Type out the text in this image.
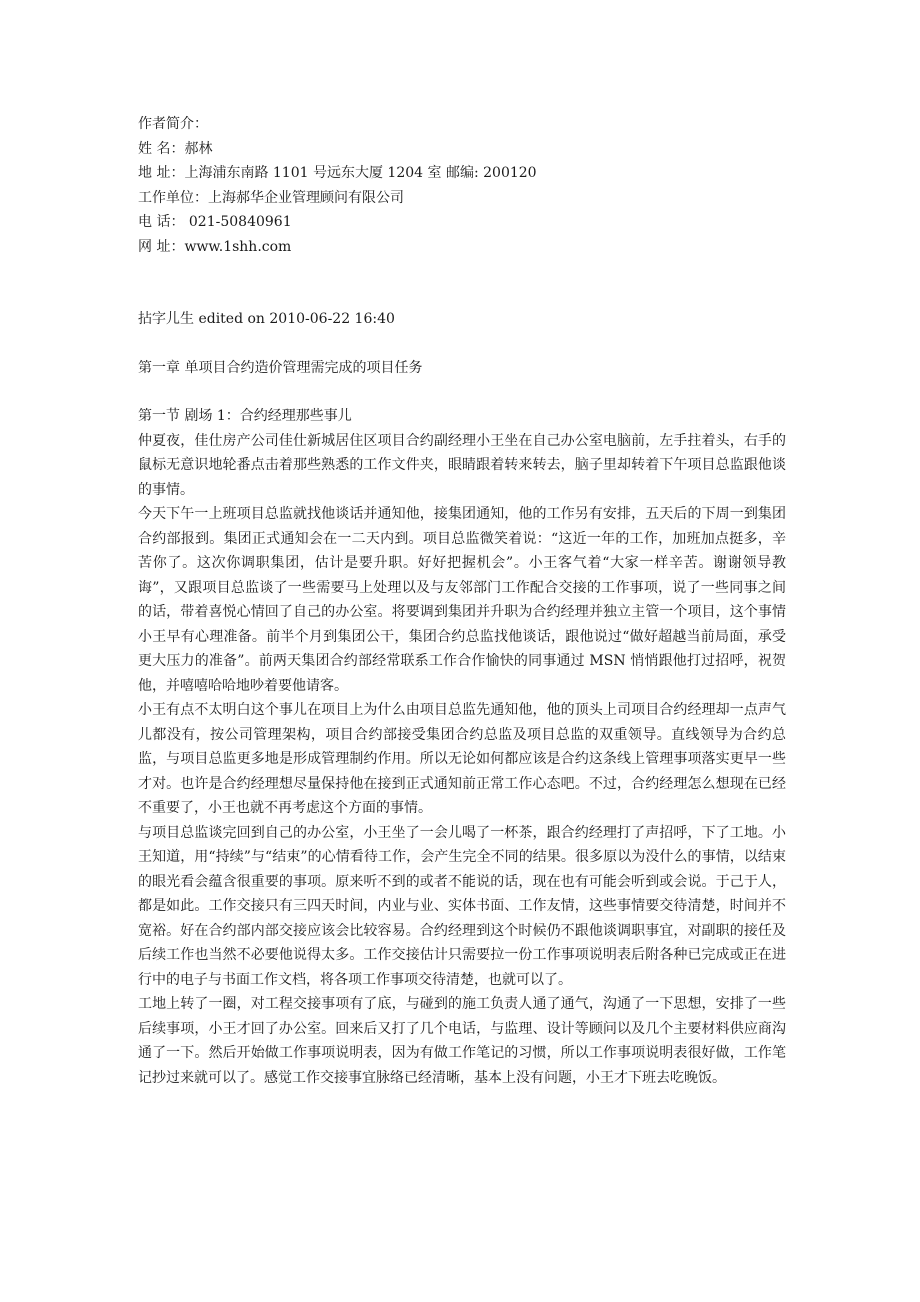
作者简介：

姓 名：郝林

地 址：上海浦东南路 1101 号远东大厦 1204 室 邮编: 200120

工作单位：上海郝华企业管理顾问有限公司

电 话： 021-50840961

网 址：www.1shh.com

拈字儿生 edited on 2010-06-22 16:40

第一章 单项目合约造价管理需完成的项目任务

第一节 剧场 1：合约经理那些事儿

仲夏夜，佳仕房产公司佳仕新城居住区项目合约副经理小王坐在自己办公室电脑前，左手拄着头，右手的鼠标无意识地轮番点击着那些熟悉的工作文件夹，眼睛跟着转来转去，脑子里却转着下午项目总监跟他谈的事情。

今天下午一上班项目总监就找他谈话并通知他，接集团通知，他的工作另有安排，五天后的下周一到集团合约部报到。集团正式通知会在一二天内到。项目总监微笑着说：“这近一年的工作，加班加点挺多，辛苦你了。这次你调职集团，估计是要升职。好好把握机会”。小王客气着“大家一样辛苦。谢谢领导教诲”，又跟项目总监谈了一些需要马上处理以及与友邻部门工作配合交接的工作事项，说了一些同事之间的话，带着喜悦心情回了自己的办公室。将要调到集团并升职为合约经理并独立主管一个项目，这个事情小王早有心理准备。前半个月到集团公干，集团合约总监找他谈话，跟他说过“做好超越当前局面，承受更大压力的准备”。前两天集团合约部经常联系工作合作愉快的同事通过 MSN 悄悄跟他打过招呼，祝贺他，并嘻嘻哈哈地吵着要他请客。

小王有点不太明白这个事儿在项目上为什么由项目总监先通知他，他的顶头上司项目合约经理却一点声气儿都没有，按公司管理架构，项目合约部接受集团合约总监及项目总监的双重领导。直线领导为合约总监，与项目总监更多地是形成管理制约作用。所以无论如何都应该是合约这条线上管理事项落实更早一些才对。也许是合约经理想尽量保持他在接到正式通知前正常工作心态吧。不过，合约经理怎么想现在已经不重要了，小王也就不再考虑这个方面的事情。

与项目总监谈完回到自己的办公室，小王坐了一会儿喝了一杯茶，跟合约经理打了声招呼，下了工地。小王知道，用“持续”与“结束”的心情看待工作，会产生完全不同的结果。很多原以为没什么的事情，以结束的眼光看会蕴含很重要的事项。原来听不到的或者不能说的话，现在也有可能会听到或会说。于己于人，都是如此。工作交接只有三四天时间，内业与业、实体书面、工作友情，这些事情要交待清楚，时间并不宽裕。好在合约部内部交接应该会比较容易。合约经理到这个时候仍不跟他谈调职事宜，对副职的接任及后续工作也当然不必要他说得太多。工作交接估计只需要拉一份工作事项说明表后附各种已完成或正在进行中的电子与书面工作文档，将各项工作事项交待清楚，也就可以了。

工地上转了一圈，对工程交接事项有了底，与碰到的施工负责人通了通气，沟通了一下思想，安排了一些后续事项，小王才回了办公室。回来后又打了几个电话，与监理、设计等顾问以及几个主要材料供应商沟通了一下。然后开始做工作事项说明表，因为有做工作笔记的习惯，所以工作事项说明表很好做，工作笔记抄过来就可以了。感觉工作交接事宜脉络已经清晰，基本上没有问题，小王才下班去吃晚饭。
